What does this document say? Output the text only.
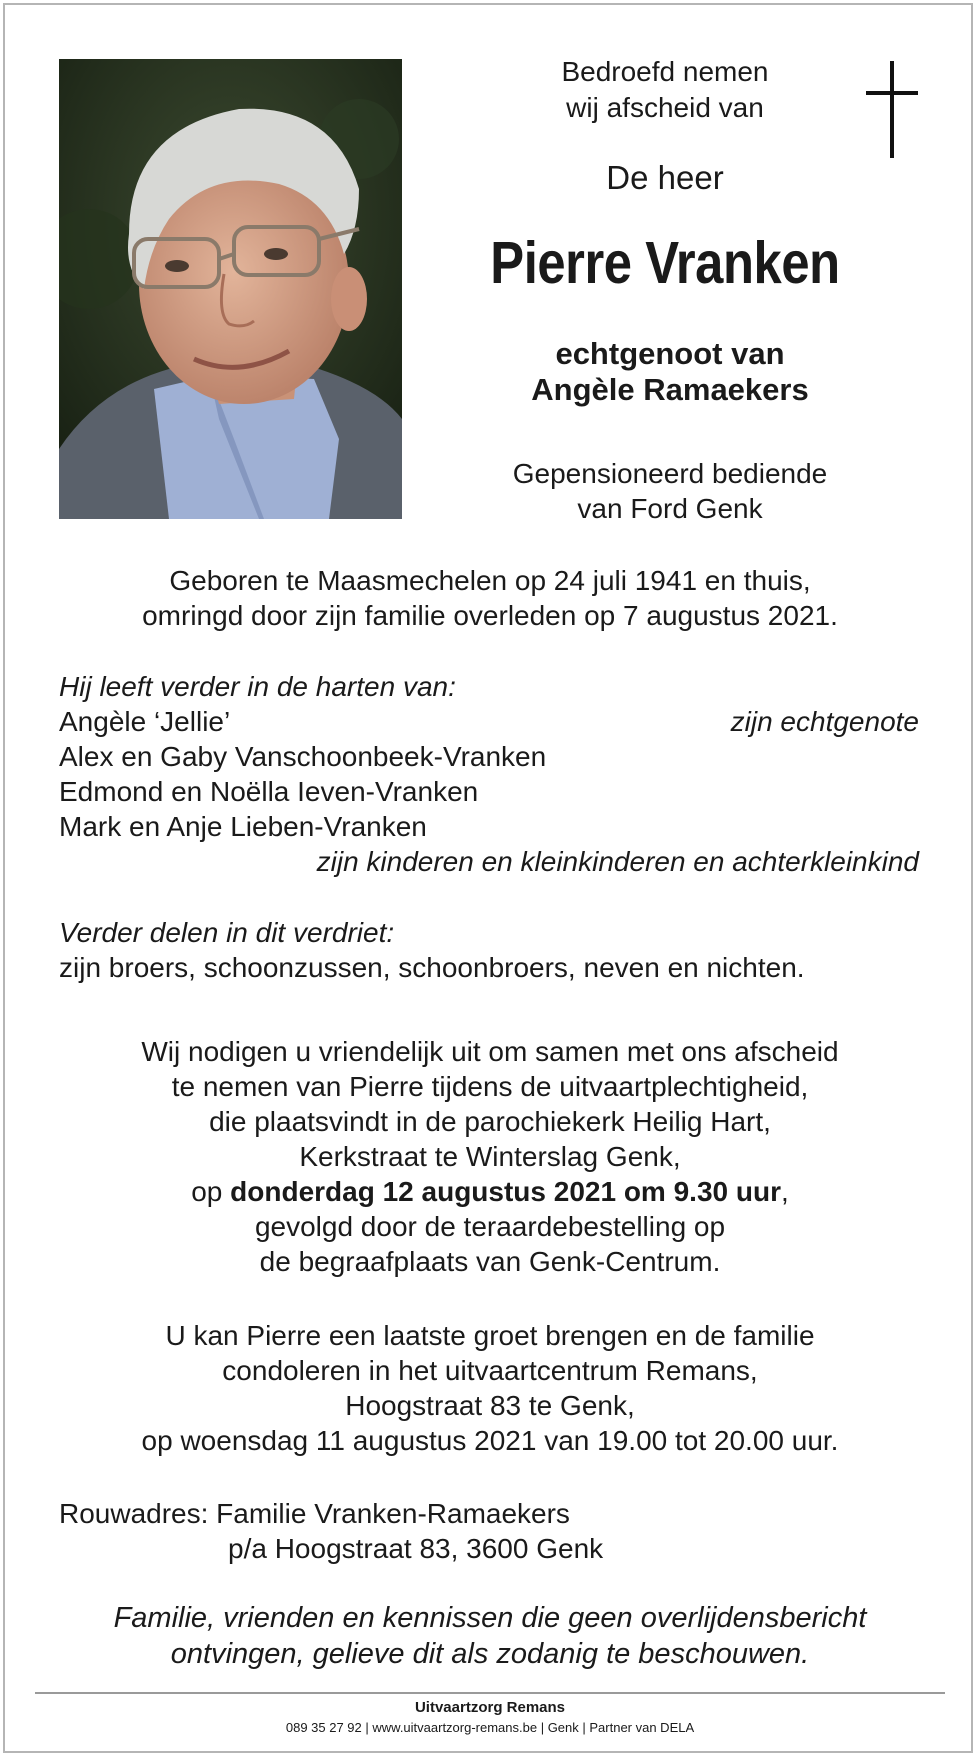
Bedroefd nemen
wij afscheid van

De heer

Pierre Vranken

echtgenoot van
Angèle Ramaekers

Gepensioneerd bediende
van Ford Genk

Geboren te Maasmechelen op 24 juli 1941 en thuis,
omringd door zijn familie overleden op 7 augustus 2021.

Hij leeft verder in de harten van:

Angèle ‘Jellie’	zijn echtgenote

Alex en Gaby Vanschoonbeek-Vranken

Edmond en Noëlla Ieven-Vranken

Mark en Anje Lieben-Vranken

zijn kinderen en kleinkinderen en achterkleinkind

Verder delen in dit verdriet:

zijn broers, schoonzussen, schoonbroers, neven en nichten.

Wij nodigen u vriendelijk uit om samen met ons afscheid
te nemen van Pierre tijdens de uitvaartplechtigheid,
die plaatsvindt in de parochiekerk Heilig Hart,
Kerkstraat te Winterslag Genk,
op donderdag 12 augustus 2021 om 9.30 uur,
gevolgd door de teraardebestelling op
de begraafplaats van Genk-Centrum.

U kan Pierre een laatste groet brengen en de familie
condoleren in het uitvaartcentrum Remans,
Hoogstraat 83 te Genk,
op woensdag 11 augustus 2021 van 19.00 tot 20.00 uur.

Rouwadres: Familie Vranken-Ramaekers

p/a Hoogstraat 83, 3600 Genk

Familie, vrienden en kennissen die geen overlijdensbericht
ontvingen, gelieve dit als zodanig te beschouwen.

Uitvaartzorg Remans

089 35 27 92 | www.uitvaartzorg-remans.be | Genk | Partner van DELA
